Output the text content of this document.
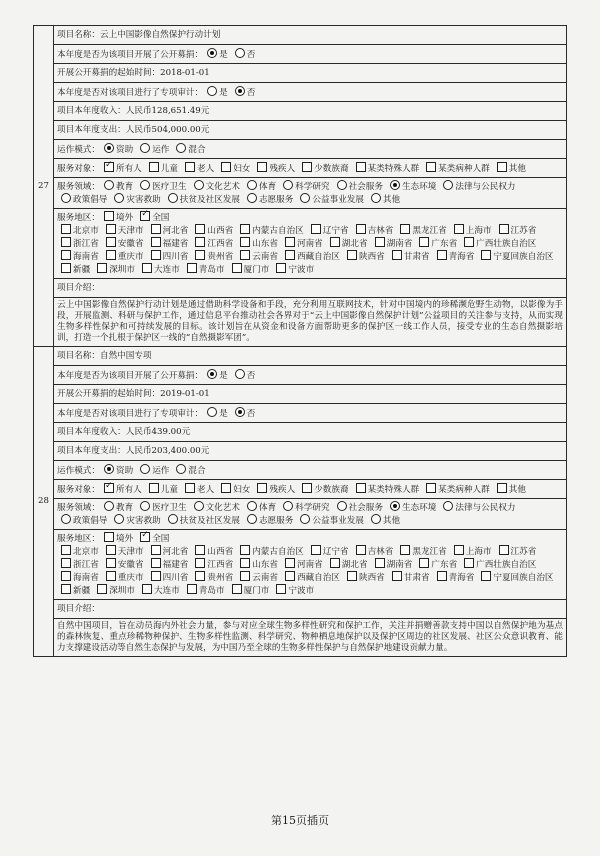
27	项目名称：云上中国影像自然保护行动计划
	本年度是否为该项目开展了公开募捐： 是 否
	开展公开募捐的起始时间：2018-01-01
	本年度是否对该项目进行了专项审计： 是 否
	项目本年度收入：人民币128,651.49元
	项目本年度支出：人民币504,000.00元
	运作模式： 资助 运作 混合
	服务对象： ✓ 所有人 儿童 老人 妇女 残疾人 少数族裔 某类特殊人群 某类病种人群 其他
	服务领域： 教育 医疗卫生 文化艺术 体育 科学研究 社会服务 生态环境 法律与公民权力政策倡导 灾害救助 扶贫及社区发展 志愿服务 公益事业发展 其他
	服务地区： 境外 ✓ 全国
北京市 天津市 河北省 山西省 内蒙古自治区 辽宁省 吉林省 黑龙江省 上海市 江苏省浙江省 安徽省 福建省 江西省 山东省 河南省 湖北省 湖南省 广东省 广西壮族自治区海南省 重庆市 四川省 贵州省 云南省 西藏自治区 陕西省 甘肃省 青海省 宁夏回族自治区新疆 深圳市 大连市 青岛市 厦门市 宁波市
	项目介绍：
	云上中国影像自然保护行动计划是通过借助科学设备和手段，充分利用互联网技术，针对中国境内的珍稀濒危野生动物，以影像为手段，开展监测、科研与保护工作，通过信息平台推动社会各界对于“云上中国影像自然保护计划”公益项目的关注参与支持，从而实现生物多样性保护和可持续发展的目标。该计划旨在从资金和设备方面帮助更多的保护区一线工作人员，接受专业的生态自然摄影培训，打造一个扎根于保护区一线的“自然摄影军团”。
28	项目名称：自然中国专项
	本年度是否为该项目开展了公开募捐： 是 否
	开展公开募捐的起始时间：2019-01-01
	本年度是否对该项目进行了专项审计： 是 否
	项目本年度收入：人民币439.00元
	项目本年度支出：人民币203,400.00元
	运作模式： 资助 运作 混合
	服务对象： ✓ 所有人 儿童 老人 妇女 残疾人 少数族裔 某类特殊人群 某类病种人群 其他
	服务领域： 教育 医疗卫生 文化艺术 体育 科学研究 社会服务 生态环境 法律与公民权力政策倡导 灾害救助 扶贫及社区发展 志愿服务 公益事业发展 其他
	服务地区： 境外 ✓ 全国
北京市 天津市 河北省 山西省 内蒙古自治区 辽宁省 吉林省 黑龙江省 上海市 江苏省浙江省 安徽省 福建省 江西省 山东省 河南省 湖北省 湖南省 广东省 广西壮族自治区海南省 重庆市 四川省 贵州省 云南省 西藏自治区 陕西省 甘肃省 青海省 宁夏回族自治区新疆 深圳市 大连市 青岛市 厦门市 宁波市
	项目介绍：
	自然中国项目，旨在动员海内外社会力量，参与对应全球生物多样性研究和保护工作，关注并捐赠善款支持中国以自然保护地为基点的森林恢复、重点珍稀物种保护、生物多样性监测、科学研究、物种栖息地保护以及保护区周边的社区发展、社区公众意识教育、能力支撑建设活动等自然生态保护与发展，为中国乃至全球的生物多样性保护与自然保护地建设贡献力量。
第15页插页
